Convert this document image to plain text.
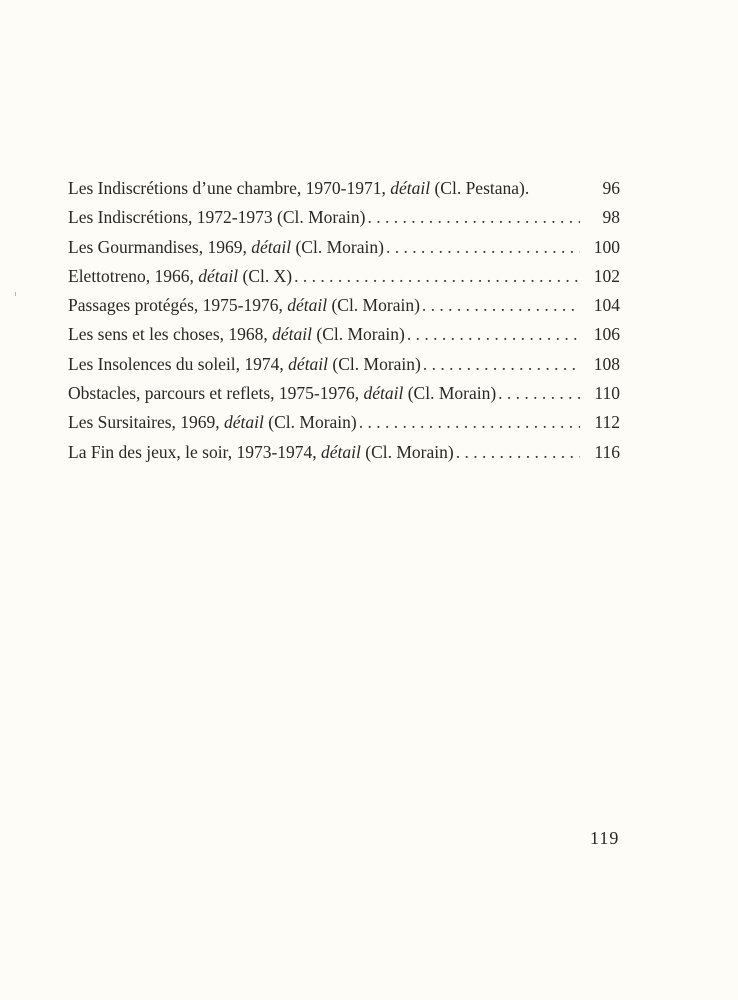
Les Indiscrétions d’une chambre, 1970-1971, détail (Cl. Pestana).	96
Les Indiscrétions, 1972-1973 (Cl. Morain) . . .	98
Les Gourmandises, 1969, détail (Cl. Morain) . . .	100
Elettotreno, 1966, détail (Cl. X) . . .	102
Passages protégés, 1975-1976, détail (Cl. Morain) . . .	104
Les sens et les choses, 1968, détail (Cl. Morain) . . .	106
Les Insolences du soleil, 1974, détail (Cl. Morain) . . .	108
Obstacles, parcours et reflets, 1975-1976, détail (Cl. Morain) . . .	110
Les Sursitaires, 1969, détail (Cl. Morain) . . .	112
La Fin des jeux, le soir, 1973-1974, détail (Cl. Morain) . . .	116
119
